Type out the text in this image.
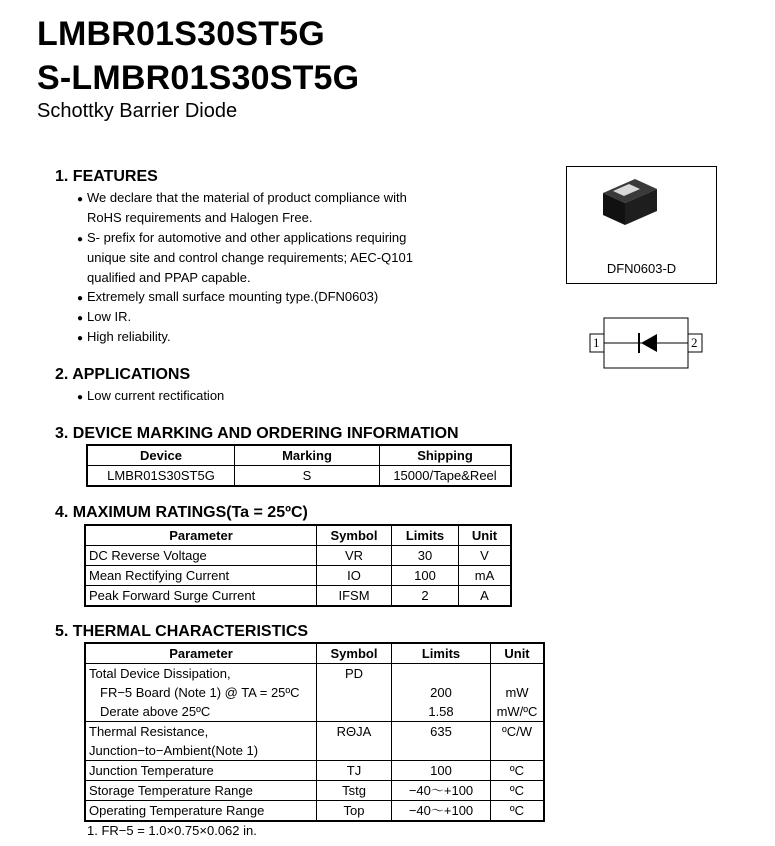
LMBR01S30ST5G
S-LMBR01S30ST5G
Schottky Barrier Diode
1. FEATURES
● We declare that the material of product compliance with
RoHS requirements and Halogen Free.
● S- prefix for automotive and other applications requiring
unique site and control change requirements; AEC-Q101
qualified and PPAP capable.
● Extremely small surface mounting type.(DFN0603)
● Low IR.
● High reliability.
DFN0603-D
1	2
2. APPLICATIONS
● Low current rectification
3. DEVICE MARKING AND ORDERING INFORMATION
Device	Marking	Shipping
LMBR01S30ST5G	S	15000/Tape&Reel
4. MAXIMUM RATINGS(Ta = 25ºC)
Parameter	Symbol	Limits	Unit
DC Reverse Voltage	VR	30	V
Mean Rectifying Current	IO	100	mA
Peak Forward Surge Current	IFSM	2	A
5. THERMAL CHARACTERISTICS
Parameter	Symbol	Limits	Unit
Total Device Dissipation,	PD		
FR−5 Board (Note 1) @ TA = 25ºC		200	mW
Derate above 25ºC		1.58	mW/ºC
Thermal Resistance,	RΘJA	635	ºC/W
Junction−to−Ambient(Note 1)			
Junction Temperature	TJ	100	ºC
Storage Temperature Range	Tstg	−40～+100	ºC
Operating Temperature Range	Top	−40～+100	ºC
1. FR−5 = 1.0×0.75×0.062 in.
